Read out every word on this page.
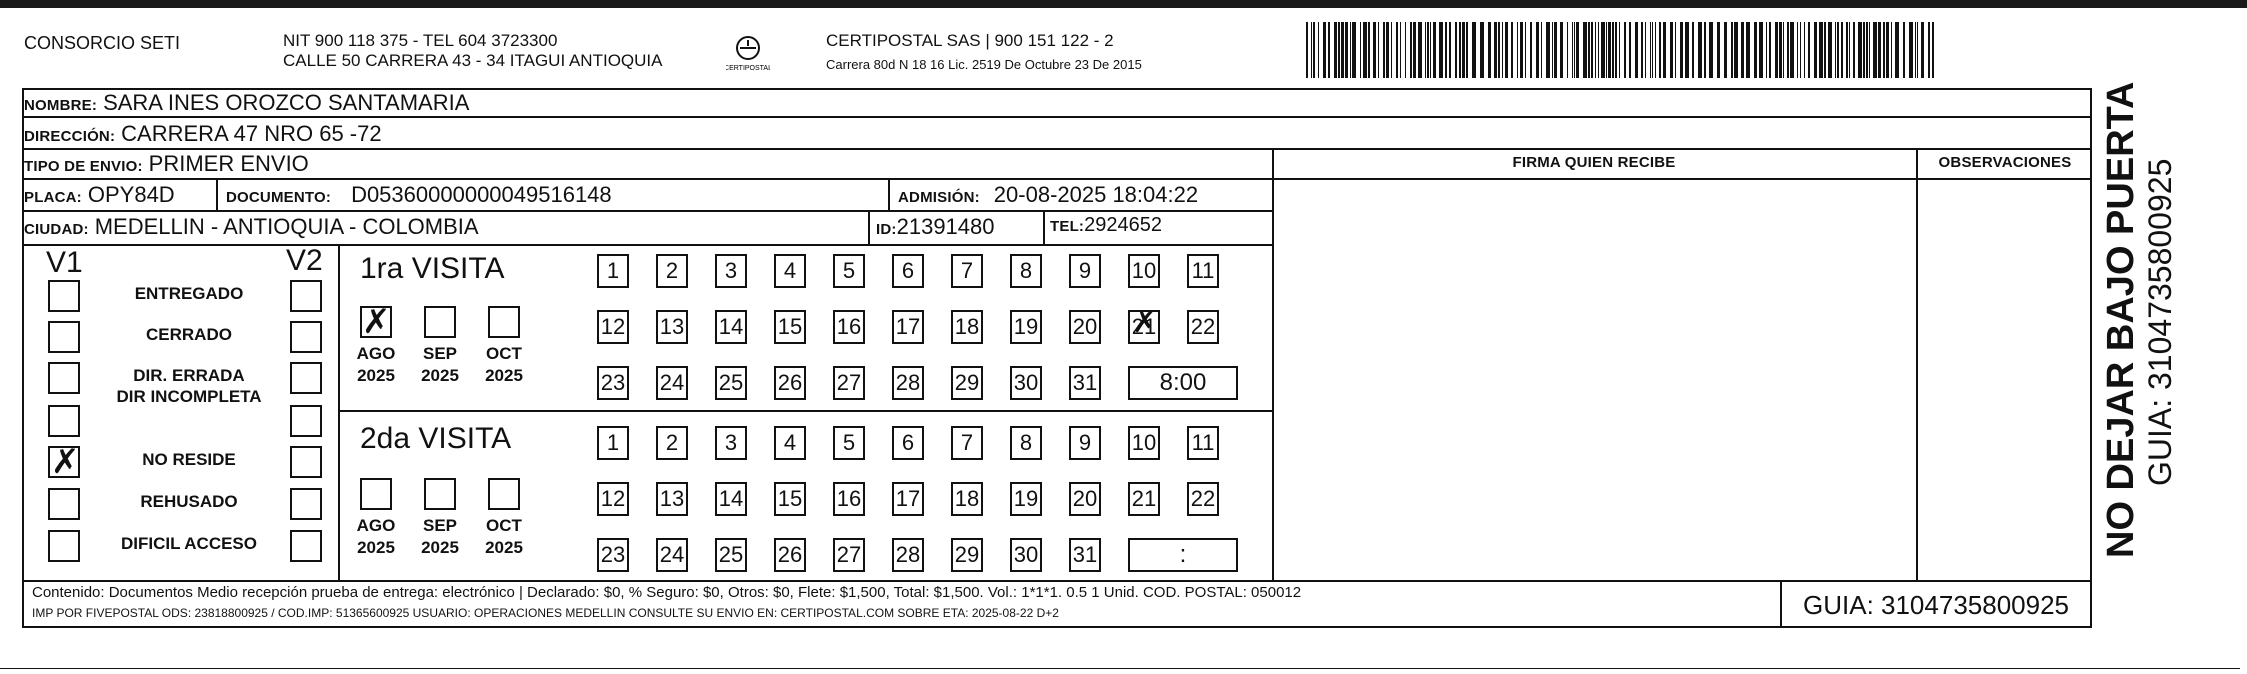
CONSORCIO SETI	NIT 900 118 375 - TEL 604 3723300
CALLE 50 CARRERA 43 - 34 ITAGUI ANTIOQUIA	CERTIPOSTAL
CERTIPOSTAL SAS | 900 151 122 - 2
Carrera 80d N 18 16 Lic. 2519 De Octubre 23 De 2015
NOMBRE: SARA INES OROZCO SANTAMARIA
DIRECCIÓN: CARRERA 47 NRO 65 -72
TIPO DE ENVIO: PRIMER ENVIO
PLACA: OPY84D	DOCUMENTO: D05360000000049516148	ADMISIÓN: 20-08-2025 18:04:22
CIUDAD: MEDELLIN - ANTIOQUIA - COLOMBIA	ID: 21391480	TEL: 2924652
FIRMA QUIEN RECIBE	OBSERVACIONES
V1	V2
ENTREGADO
CERRADO
DIR. ERRADA
DIR INCOMPLETA
✗	NO RESIDE
REHUSADO
DIFICIL ACCESO
1ra VISITA
2da VISITA
✗
AGO
2025
SEP
2025
OCT
2025
1	2	3	4	5	6	7	8	9	10 11
12 13 14 15 16 17 18 19 20 21 ✗ 22
23 24 25 26 27 28 29 30 31	8:00
AGO
2025
SEP
2025
OCT
2025
1	2	3	4	5	6	7	8	9	10 11
12 13 14 15 16 17 18 19 20 21 22
23 24 25 26 27 28 29 30 31	:
Contenido: Documentos Medio recepción prueba de entrega: electrónico | Declarado: $0, % Seguro: $0, Otros: $0, Flete: $1,500, Total: $1,500. Vol.: 1*1*1. 0.5 1 Unid. COD. POSTAL: 050012
IMP POR FIVEPOSTAL ODS: 23818800925 / COD.IMP: 51365600925 USUARIO: OPERACIONES MEDELLIN CONSULTE SU ENVIO EN: CERTIPOSTAL.COM SOBRE ETA: 2025-08-22 D+2	GUIA: 3104735800925
NO DEJAR BAJO PUERTA GUIA: 3104735800925
